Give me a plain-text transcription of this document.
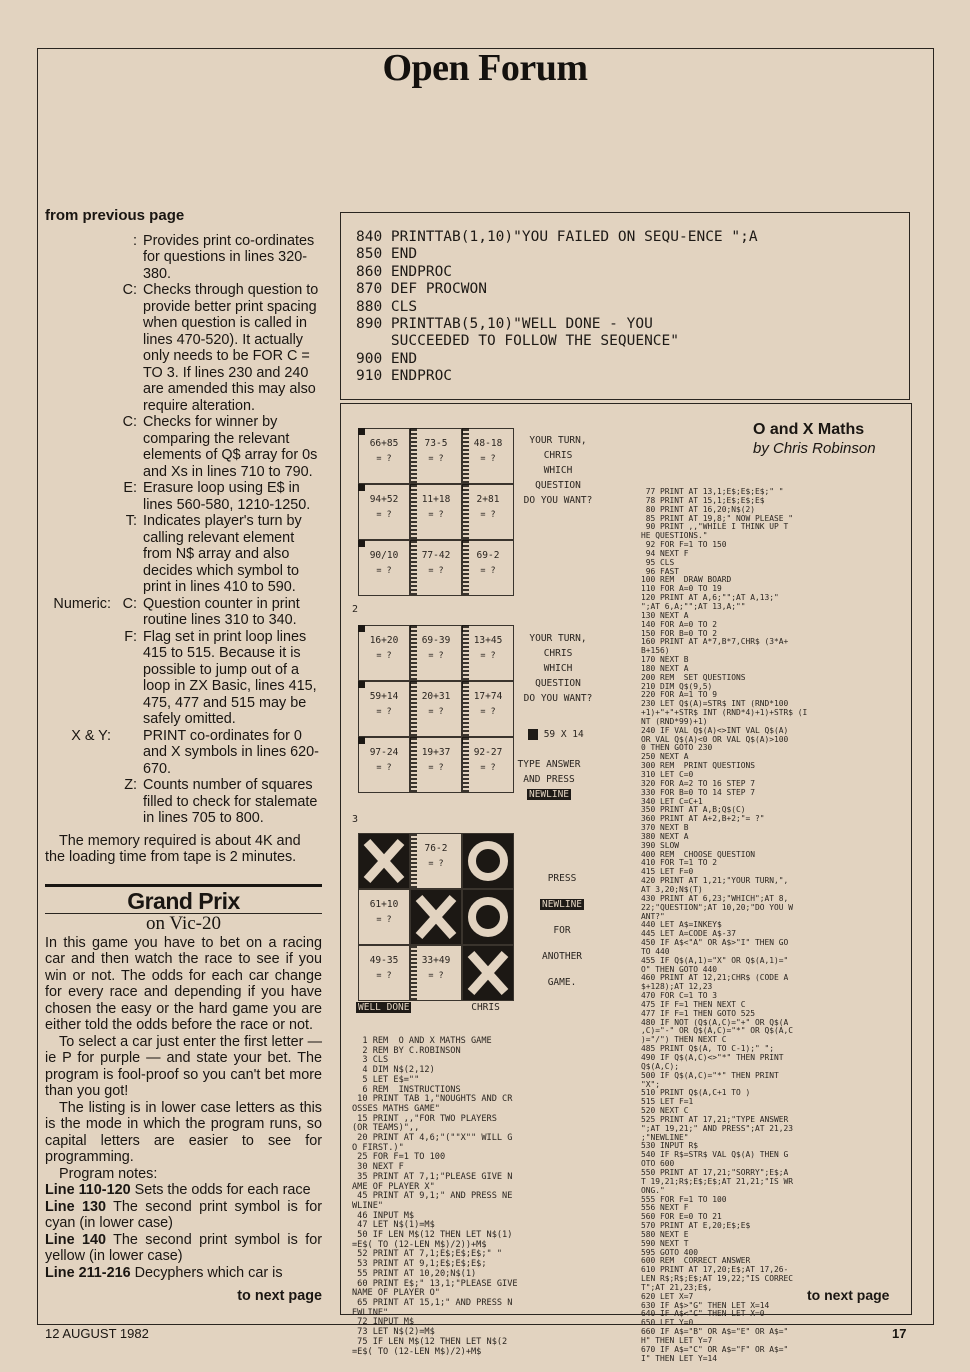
Open Forum
from previous page
: Provides print co-ordinates for questions in lines 320-380.
C: Checks through question to provide better print spacing when question is called in lines 470-520). It actually only needs to be FOR C = TO 3. If lines 230 and 240 are amended this may also require alteration.
C: Checks for winner by comparing the relevant elements of Q$ array for 0s and Xs in lines 710 to 790.
E: Erasure loop using E$ in lines 560-580, 1210-1250.
T: Indicates player's turn by calling relevant element from N$ array and also decides which symbol to print in lines 410 to 590.
Numeric: C: Question counter in print routine lines 310 to 340.
F: Flag set in print loop lines 415 to 515. Because it is possible to jump out of a loop in ZX Basic, lines 415, 475, 477 and 515 may be safely omitted.
X & Y: PRINT co-ordinates for 0 and X symbols in lines 620-670.
Z: Counts number of squares filled to check for stalemate in lines 705 to 800.
The memory required is about 4K and the loading time from tape is 2 minutes.
Grand Prix
on Vic-20
In this game you have to bet on a racing car and then watch the race to see if you win or not. The odds for each car change for every race and depending if you have chosen the easy or the hard game you are either told the odds before the race or not.
To select a car just enter the first letter — ie P for purple — and state your bet. The program is fool-proof so you can't bet more than you got!
The listing is in lower case letters as this is the mode in which the program runs, so capital letters are easier to see for programming.
Program notes:
Line 110-120 Sets the odds for each race
Line 130 The second print symbol is for cyan (in lower case)
Line 140 The second print symbol is for yellow (in lower case)
Line 211-216 Decyphers which car is
to next page
840 PRINTTAB(1,10)"YOU FAILED ON SEQU-ENCE ";A
850 END
860 ENDPROC
870 DEF PROCWON
880 CLS
890 PRINTTAB(5,10)"WELL DONE - YOU
SUCCEEDED TO FOLLOW THE SEQUENCE"
900 END
910 ENDPROC
O and X Maths
by Chris Robinson
66+85
= ?
73-5
= ?
48-18
= ?
94+52
= ?
11+18
= ?
2+81
= ?
90/10
= ?
77-42
= ?
69-2
= ?
YOUR TURN,
CHRIS
WHICH
QUESTION
DO YOU WANT?
2
16+20
= ?
69-39
= ?
13+45
= ?
59+14
= ?
20+31
= ?
17+74
= ?
97-24
= ?
19+37
= ?
92-27
= ?
YOUR TURN,
CHRIS
WHICH
QUESTION
DO YOU WANT?
59 X 14
TYPE ANSWER
AND PRESS
NEWLINE
3
76-2
= ?
61+10
= ?
49-35
= ?
33+49
= ?
PRESS
NEWLINE
FOR
ANOTHER
GAME.
WELL DONE	CHRIS
1 REM  O AND X MATHS GAME
2 REM BY C.ROBINSON
3 CLS
4 DIM N$(2,12)
5 LET E$=""
6 REM  INSTRUCTIONS
10 PRINT TAB 1,"NOUGHTS AND CR
OSSES MATHS GAME"
15 PRINT ,,"FOR TWO PLAYERS
(OR TEAMS)",,
20 PRINT AT 4,6;"(""X"" WILL G
O FIRST.)"
25 FOR F=1 TO 100
30 NEXT F
35 PRINT AT 7,1;"PLEASE GIVE N
AME OF PLAYER X"
45 PRINT AT 9,1;" AND PRESS NE
WLINE"
46 INPUT M$
47 LET N$(1)=M$
50 IF LEN M$(12 THEN LET N$(1)
=E$( TO (12-LEN M$)/2))+M$
52 PRINT AT 7,1;E$;E$;E$;" "
53 PRINT AT 9,1;E$;E$;E$;
55 PRINT AT 10,20;N$(1)
60 PRINT E$;" 13,1;"PLEASE GIVE
NAME OF PLAYER O"
65 PRINT AT 15,1;" AND PRESS N
EWLINE"
72 INPUT M$
73 LET N$(2)=M$
75 IF LEN M$(12 THEN LET N$(2
=E$( TO (12-LEN M$)/2)+M$
77 PRINT AT 13,1;E$;E$;E$;" "
78 PRINT AT 15,1;E$;E$;E$
80 PRINT AT 16,20;N$(2)
85 PRINT AT 19,8;" NOW PLEASE "
90 PRINT ,,"WHILE I THINK UP T
HE QUESTIONS."
92 FOR F=1 TO 150
94 NEXT F
95 CLS
96 FAST
100 REM  DRAW BOARD
110 FOR A=0 TO 19
120 PRINT AT A,6;"";AT A,13;"
";AT 6,A;"";AT 13,A;""
130 NEXT A
140 FOR A=0 TO 2
150 FOR B=0 TO 2
160 PRINT AT A*7,B*7,CHR$ (3*A+
B+156)
170 NEXT B
180 NEXT A
200 REM  SET QUESTIONS
210 DIM Q$(9,5)
220 FOR A=1 TO 9
230 LET Q$(A)=STR$ INT (RND*100
+1)+"+"+STR$ INT (RND*4)+1)+STR$ (I
NT (RND*99)+1)
240 IF VAL Q$(A)<>INT VAL Q$(A)
OR VAL Q$(A)<0 OR VAL Q$(A)>100
0 THEN GOTO 230
250 NEXT A
300 REM  PRINT QUESTIONS
310 LET C=0
320 FOR A=2 TO 16 STEP 7
330 FOR B=0 TO 14 STEP 7
340 LET C=C+1
350 PRINT AT A,B;Q$(C)
360 PRINT AT A+2,B+2;"= ?"
370 NEXT B
380 NEXT A
390 SLOW
400 REM  CHOOSE QUESTION
410 FOR T=1 TO 2
415 LET F=0
420 PRINT AT 1,21;"YOUR TURN,",
AT 3,20;N$(T)
430 PRINT AT 6,23;"WHICH";AT 8,
22;"QUESTION";AT 10,20;"DO YOU W
ANT?"
440 LET A$=INKEY$
445 LET A=CODE A$-37
450 IF A$<"A" OR A$>"I" THEN GO
TO 440
455 IF Q$(A,1)="X" OR Q$(A,1)="
O" THEN GOTO 440
460 PRINT AT 12,21;CHR$ (CODE A
$+128);AT 12,23
470 FOR C=1 TO 3
475 IF F=1 THEN NEXT C
477 IF F=1 THEN GOTO 525
480 IF NOT (Q$(A,C)="+" OR Q$(A
,C)="-" OR Q$(A,C)="*" OR Q$(A,C
)="/") THEN NEXT C
485 PRINT Q$(A, TO C-1);" ";
490 IF Q$(A,C)<>"*" THEN PRINT
Q$(A,C);
500 IF Q$(A,C)="*" THEN PRINT
"X";
510 PRINT Q$(A,C+1 TO )
515 LET F=1
520 NEXT C
525 PRINT AT 17,21;"TYPE ANSWER
";AT 19,21;" AND PRESS";AT 21,23
;"NEWLINE"
530 INPUT R$
540 IF R$=STR$ VAL Q$(A) THEN G
OTO 600
550 PRINT AT 17,21;"SORRY";E$;A
T 19,21;R$;E$;E$;AT 21,21;"IS WR
ONG."
555 FOR F=1 TO 100
556 NEXT F
560 FOR E=0 TO 21
570 PRINT AT E,20;E$;E$
580 NEXT E
590 NEXT T
595 GOTO 400
600 REM  CORRECT ANSWER
610 PRINT AT 17,20;E$;AT 17,26-
LEN R$;R$;E$;AT 19,22;"IS CORREC
T";AT 21,23;E$,
620 LET X=7
630 IF A$>"G" THEN LET X=14
640 IF A$<"C" THEN LET X=0
650 LET Y=0
660 IF A$="B" OR A$="E" OR A$="
H" THEN LET Y=7
670 IF A$="C" OR A$="F" OR A$="
I" THEN LET Y=14
to next page
12 AUGUST 1982	17
